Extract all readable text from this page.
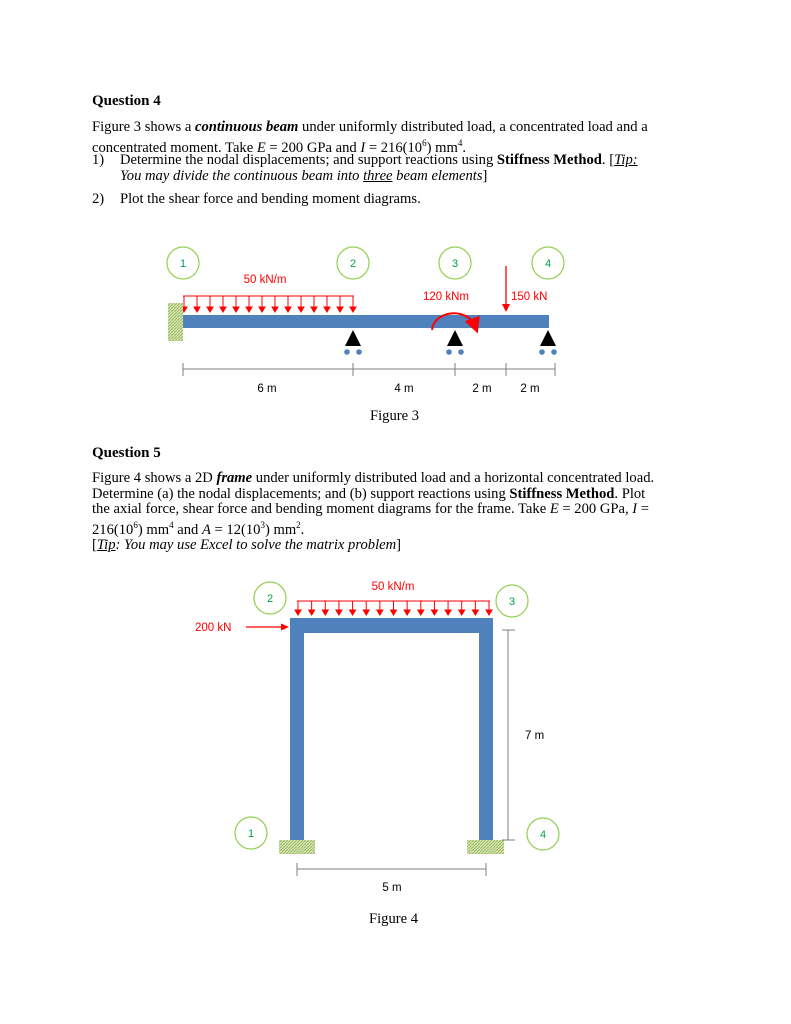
Question 4
Figure 3 shows a continuous beam under uniformly distributed load, a concentrated load and a
concentrated moment. Take E = 200 GPa and $I = 216(10^6)$ $mm^4$.
1) Determine the nodal displacements; and support reactions using Stiffness Method. [Tip:
You may divide the continuous beam into three beam elements]
2) Plot the shear force and bending moment diagrams.
1	2	3	4
50 kN/m
120 kNm	150 kN
6 m	4 m	2 m	2 m
2	3
1	4
50 kN/m
200 kN
7 m
5 m
Figure 3
Question 5
Figure 4 shows a 2D frame under uniformly distributed load and a horizontal concentrated load.
Determine (a) the nodal displacements; and (b) support reactions using Stiffness Method. Plot
the axial force, shear force and bending moment diagrams for the frame. Take E = 200 GPa, I =
$216(10^6)$ $mm^4$ and $A = 12(10^3)$ $mm^2$.
[Tip: You may use Excel to solve the matrix problem]
Figure 4
